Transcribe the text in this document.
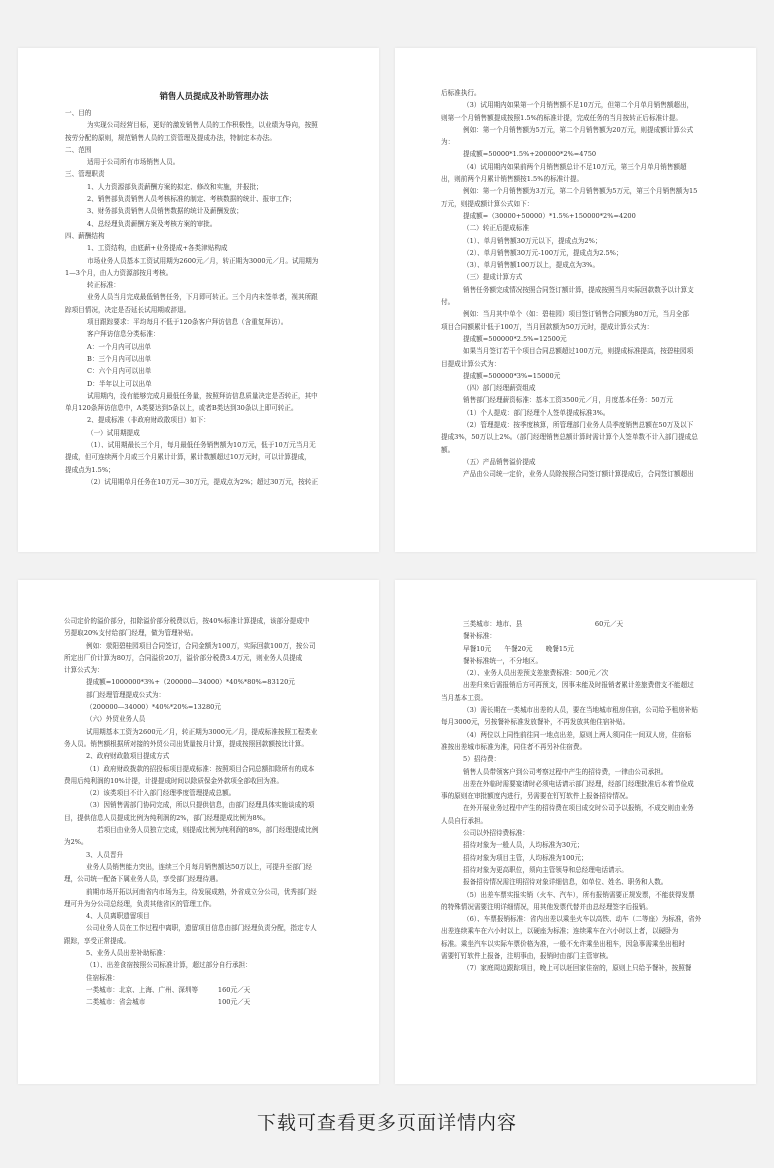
销售人员提成及补助管理办法
一、目的
为实现公司经营目标，更好的激发销售人员的工作积极性，以业绩为导向，按照
按劳分配的原则，规范销售人员的工资管理及提成办法，特制定本办法。
二、范围
适用于公司所有市场销售人员。
三、管理职责
1、人力资源部负责薪酬方案的拟定、修改和实施，并报批；
2、销售部负责销售人员考核标准的制定、考核数据的统计、报审工作；
3、财务部负责销售人员销售数据的统计及薪酬发放；
4、总经理负责薪酬方案及考核方案的审批。
四、薪酬结构
1、工资结构，由底薪+业务提成+各类津贴构成
市场业务人员基本工资试用期为2600元／月，转正期为3000元／月。试用期为
1—3个月，由人力资源部按月考核。
转正标准：
业务人员当月完成最低销售任务，下月即可转正。三个月内未签单者，视其所跟
踪项目情况，决定是否延长试用期或辞退。
项目跟踪要求：平均每月不低于120条客户拜访信息（含重复拜访）。
客户拜访信息分类标准：
A：一个月内可以出单
B：三个月内可以出单
C：六个月内可以出单
D：半年以上可以出单
试用期内，没有能够完成月最低任务量，按照拜访信息质量决定是否转正，其中
单月120条拜访信息中，A类要达到5条以上，或者B类达到30条以上即可转正。
2、提成标准（非政府财政散项目）如下：
（一）试用期提成
（1）、试用期最长三个月，每月最低任务销售额为10万元，低于10万元当月无
提成，但可连续两个月或三个月累计计算，累计数额超过10万元时，可以计算提成，
提成点为1.5%；
（2）试用期单月任务在10万元—30万元，提成点为2%；超过30万元，按转正
后标准执行。
（3）试用期内如果第一个月销售额不足10万元，但第二个月单月销售额超出，
则第一个月销售额提成按照1.5%的标准计提，完成任务的当月按转正后标准计提。
例如：第一个月销售额为5万元，第二个月销售额为20万元，则提成额计算公式
为：
提成额=50000*1.5%+200000*2%=4750
（4）试用期内如果前两个月销售额总计不足10万元，第三个月单月销售额超
出，则前两个月累计销售额按1.5%的标准计提。
例如：第一个月销售额为3万元，第二个月销售额为5万元，第三个月销售额为15
万元，则提成额计算公式如下：
提成额=（30000+50000）*1.5%+150000*2%=4200
（二）转正后提成标准
（1）、单月销售额30万元以下，提成点为2%；
（2）、单月销售额30万元-100万元，提成点为2.5%；
（3）、单月销售额100万以上，提成点为3%。
（三）提成计算方式
销售任务额完成情况按照合同签订额计算，提成按照当月实际回款数予以计算支
付。
例如：当月其中单个（如：碧桂园）项目签订销售合同额为80万元，当月全部
项目合同额累计低于100万，当月回款额为50万元时，提成计算公式为：
提成额=500000*2.5%=12500元
如果当月签订若干个项目合同总额超过100万元，则提成标准提高，按碧桂园项
目提成计算公式为：
提成额=500000*3%=15000元
（四）部门经理薪资组成
销售部门经理薪资标准：基本工资3500元／月，月度基本任务：50万元
（1）个人提成：部门经理个人签单提成标准3%。
（2）管理提成：按季度核算，所管理部门业务人员季度销售总额在50万及以下
提成3%，50万以上2%。（部门经理销售总额计算时需计算个人签单数不计入部门提成总
额。
（五）产品销售溢价提成
产品由公司统一定价，业务人员除按照合同签订额计算提成后，合同签订额超出
公司定价的溢价部分，扣除溢价部分税费以后，按40%标准计算提成，该部分提成中
另提取20%支付给部门经理，做为管理补贴。
例如：荥阳碧桂园项目合同签订，合同金额为100万，实际回款100万，按公司
所定出厂价计算为80万，合同溢价20万，溢价部分税费3.4万元，则业务人员提成
计算公式为：
提成额=1000000*3%+（200000—34000）*40%*80%=83120元
部门经理管理提成公式为：
（200000—34000）*40%*20%=13280元
（六）外贸业务人员
试用期基本工资为2600元／月，转正期为3000元／月，提成标准按照工程类业
务人员。销售额根据所对接的外贸公司出货量按月计算，提成按照回款额按比计算。
2、政府财政散项目提成方式
（1）政府财政拨款的招投标项目提成标准：按照项目合同总额扣除所有的成本
费用后纯利润的10%计提，计提提成时间以除质保金外款项全部收回为准。
（2）该类项目不计入部门经理季度管理提成总额。
（3）因销售需部门协同完成，所以只提供信息，由部门经理具体实施谈成的项
目，提供信息人员提成比例为纯利润的2%，部门经理提成比例为8%。
若项目由业务人员独立完成，则提成比例为纯利润的8%，部门经理提成比例
为2%。
3、人员晋升
业务人员销售能力突出，连续三个月每月销售额达50万以上，可提升至部门经
理，公司统一配备下属业务人员，享受部门经理待遇。
前期市场开拓以河南省内市场为主，待发展成熟，外省成立分公司，优秀部门经
理可升为分公司总经理，负责其他省区的管理工作。
4、人员离职遗留项目
公司业务人员在工作过程中离职，遗留项目信息由部门经理负责分配，指定专人
跟踪，享受正常提成。
5、业务人员出差补助标准：
（1）、出差食宿按照公司标准计算，超过部分自行承担：
住宿标准：
一类城市：北京、上海、广州、深圳等　　　160元／天
二类城市：省会城市　　　　　　　　　　　100元／天
三类城市：地市、县　　　　　　　　　　　60元／天
餐补标准：
早餐10元　　午餐20元　　晚餐15元
餐补标准统一，不分地区。
（2）、业务人员出差预支差旅费标准：500元／次
出差归来后需报销后方可再预支，因事未能及时报销者累计差旅费借支不能超过
当月基本工资。
（3）需长期在一类城市出差的人员，要在当地城市租房住宿，公司给予租房补贴
每月3000元，另按餐补标准发放餐补，不再发放其他住宿补贴。
（4）两位以上同性前往同一地点出差，原则上两人须同住一间双人房，住宿标
准按出差城市标准为准，同住者不再另补住宿费。
5）招待费：
销售人员带领客户到公司考察过程中产生的招待费，一律由公司承担。
出差在外临时需要宴请时必须电话请示部门经理，经部门经理批准后本着节俭成
事的原则在审批额度内进行，另需要在钉钉软件上报备招待情况。
在外开展业务过程中产生的招待费在项目成交时公司予以报销，不成交则由业务
人员自行承担。
公司以外招待费标准：
招待对象为一般人员，人均标准为30元；
招待对象为项目主管，人均标准为100元；
招待对象为更高职位，须向主管领导和总经理电话请示。
报备招待情况需注明招待对象详细信息，如单位、姓名、职务和人数。
（5）出差车票实报实销（火车、汽车），所有报销需要正规发票，不能获得发票
的特殊情况需要注明详细情况，用其他发票代替并由总经理签字后报销。
（6）、车票报销标准：省内出差以乘坐火车以高铁、动车（二等座）为标准，省外
出差连续乘车在六小时以上，以硬座为标准；连续乘车在六小时以上者，以硬卧为
标准。乘坐汽车以实际车票价格为准，一般不允许乘坐出租车，因急事需乘坐出租时
需要钉钉软件上报备，注明事由，报销时由部门主管审核。
（7）家庭周边跟踪项目，晚上可以赶回家住宿的，原则上只给予餐补，按照餐
下载可查看更多页面详情内容
